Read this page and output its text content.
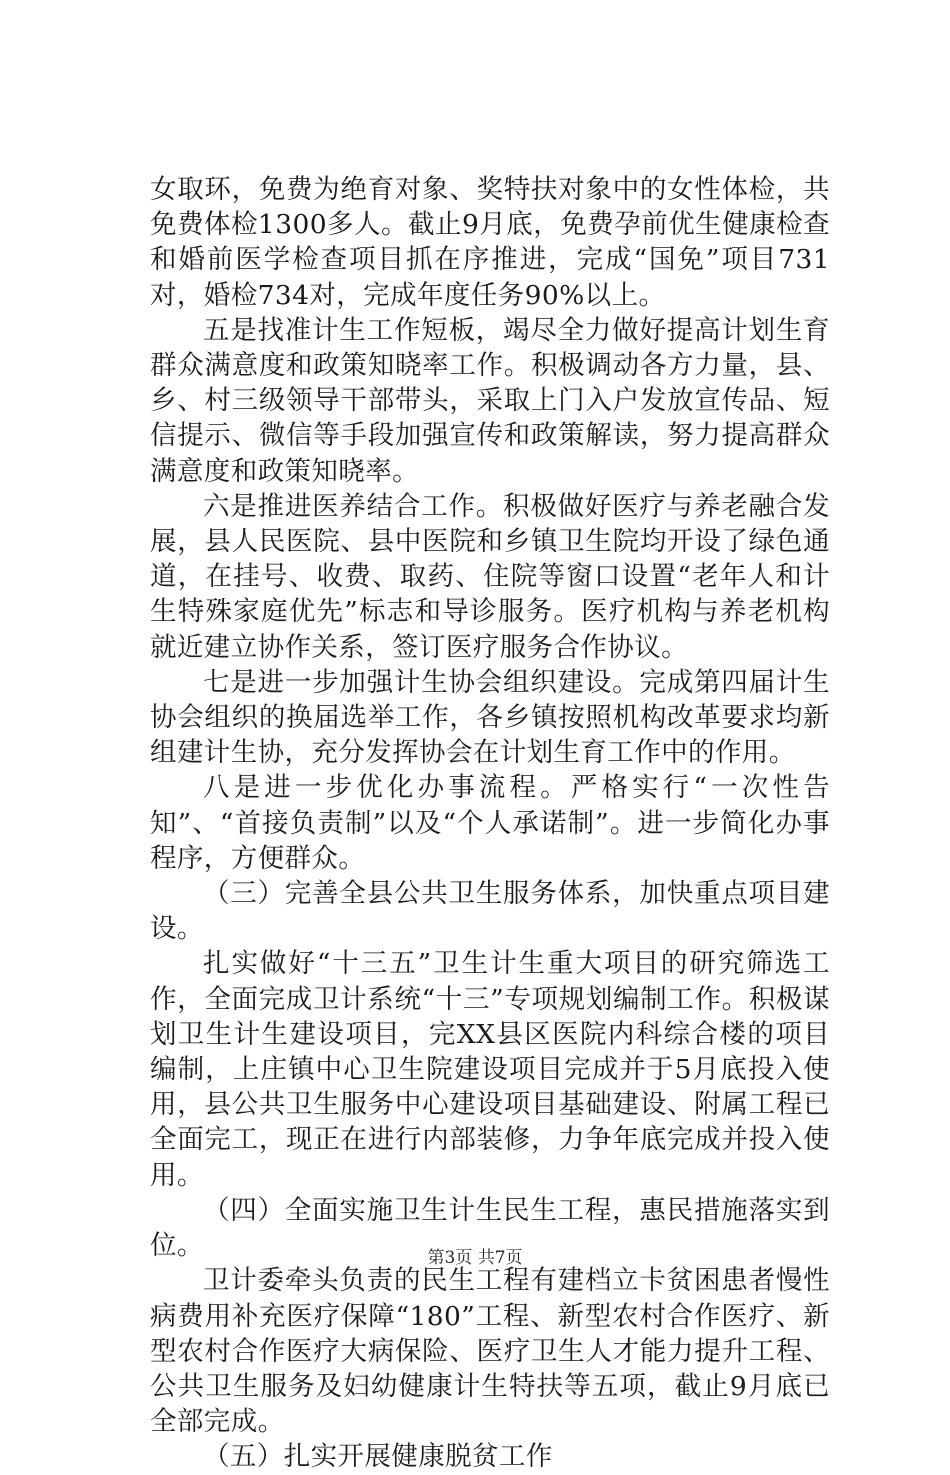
女取环，免费为绝育对象、奖特扶对象中的女性体检，共免费体检1300多人。截止9月底，免费孕前优生健康检查和婚前医学检查项目抓在序推进，完成“国免”项目731对，婚检734对，完成年度任务90%以上。

五是找准计生工作短板，竭尽全力做好提高计划生育群众满意度和政策知晓率工作。积极调动各方力量，县、乡、村三级领导干部带头，采取上门入户发放宣传品、短信提示、微信等手段加强宣传和政策解读，努力提高群众满意度和政策知晓率。

六是推进医养结合工作。积极做好医疗与养老融合发展，县人民医院、县中医院和乡镇卫生院均开设了绿色通道，在挂号、收费、取药、住院等窗口设置“老年人和计生特殊家庭优先”标志和导诊服务。医疗机构与养老机构就近建立协作关系，签订医疗服务合作协议。

七是进一步加强计生协会组织建设。完成第四届计生协会组织的换届选举工作，各乡镇按照机构改革要求均新组建计生协，充分发挥协会在计划生育工作中的作用。

八是进一步优化办事流程。严格实行“一次性告知”、“首接负责制”以及“个人承诺制”。进一步简化办事程序，方便群众。

（三）完善全县公共卫生服务体系，加快重点项目建设。

扎实做好“十三五”卫生计生重大项目的研究筛选工作，全面完成卫计系统“十三”专项规划编制工作。积极谋划卫生计生建设项目，完XX县区医院内科综合楼的项目编制，上庄镇中心卫生院建设项目完成并于5月底投入使用，县公共卫生服务中心建设项目基础建设、附属工程已全面完工，现正在进行内部装修，力争年底完成并投入使用。

（四）全面实施卫生计生民生工程，惠民措施落实到位。

卫计委牵头负责的民生工程有建档立卡贫困患者慢性病费用补充医疗保障“180”工程、新型农村合作医疗、新型农村合作医疗大病保险、医疗卫生人才能力提升工程、公共卫生服务及妇幼健康计生特扶等五项，截止9月底已全部完成。

（五）扎实开展健康脱贫工作

第3页 共7页
